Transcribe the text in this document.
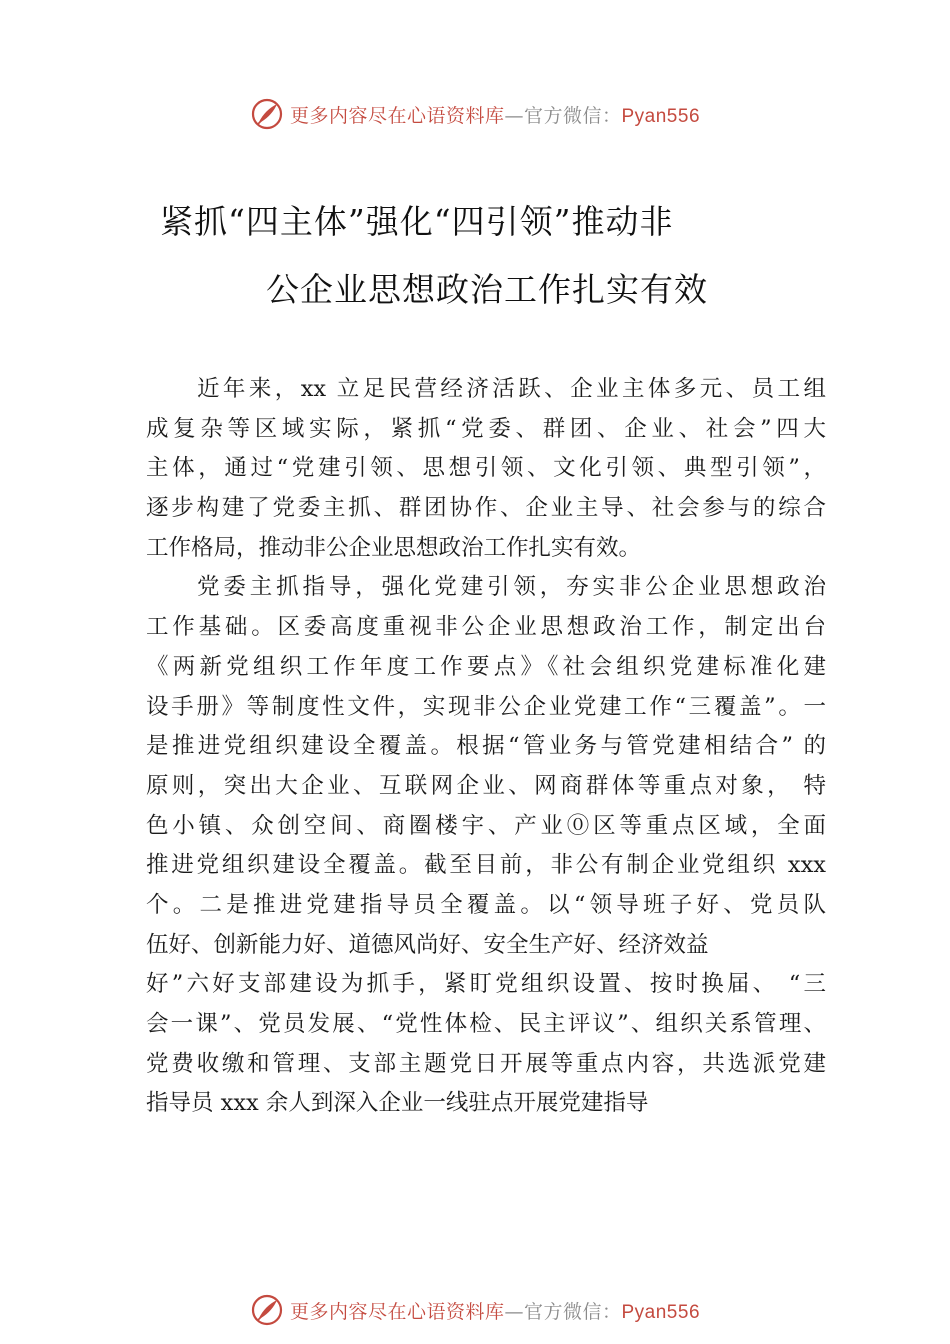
更多内容尽在心语资料库—官方微信：Pyan556
紧抓“四主体”强化“四引领”推动非
公企业思想政治工作扎实有效
近年来，xx 立足民营经济活跃、企业主体多元、员工组
成复杂等区域实际，紧抓“党委、群团、企业、社会”四大
主体，通过“党建引领、思想引领、文化引领、典型引领”，
逐步构建了党委主抓、群团协作、企业主导、社会参与的综合
工作格局，推动非公企业思想政治工作扎实有效。
党委主抓指导，强化党建引领，夯实非公企业思想政治
工作基础。区委高度重视非公企业思想政治工作，制定出台
《两新党组织工作年度工作要点》《社会组织党建标准化建
设手册》等制度性文件，实现非公企业党建工作“三覆盖”。一
是推进党组织建设全覆盖。根据“管业务与管党建相结合” 的
原则，突出大企业、互联网企业、网商群体等重点对象， 特
色小镇、众创空间、商圈楼宇、产业⓪区等重点区域，全面
推进党组织建设全覆盖。截至目前，非公有制企业党组织 xxx
个。二是推进党建指导员全覆盖。以“领导班子好、党员队
伍好、创新能力好、道德风尚好、安全生产好、经济效益
好”六好支部建设为抓手，紧盯党组织设置、按时换届、 “三
会一课”、党员发展、“党性体检、民主评议”、组织关系管理、
党费收缴和管理、支部主题党日开展等重点内容，共选派党建
指导员 xxx 余人到深入企业一线驻点开展党建指导
更多内容尽在心语资料库—官方微信：Pyan556
